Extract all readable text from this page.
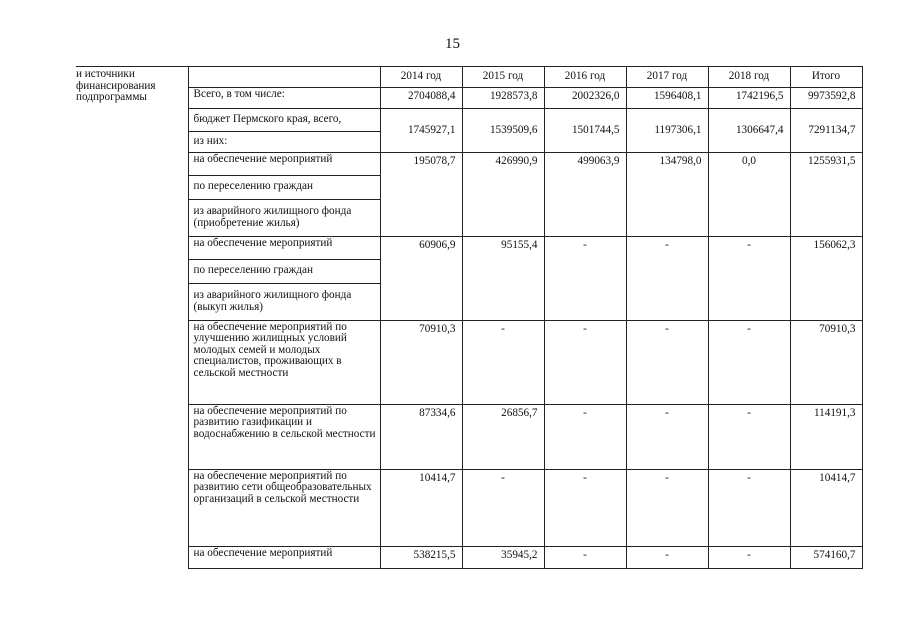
15
и источники финансирования подпрограммы		2014 год	2015 год	2016 год	2017 год	2018 год	Итого
	Всего, в том числе:	2704088,4	1928573,8	2002326,0	1596408,1	1742196,5	9973592,8
	бюджет Пермского края, всего,	1745927,1	1539509,6	1501744,5	1197306,1	1306647,4	7291134,7
	из них:						
	на обеспечение мероприятий	195078,7	426990,9	499063,9	134798,0	0,0	1255931,5
	по переселению граждан						
	из аварийного жилищного фонда (приобретение жилья)						
	на обеспечение мероприятий	60906,9	95155,4	-	-	-	156062,3
	по переселению граждан						
	из аварийного жилищного фонда (выкуп жилья)						
	на обеспечение мероприятий по улучшению жилищных условий молодых семей и молодых специалистов, проживающих в сельской местности	70910,3	-	-	-	-	70910,3
	на обеспечение мероприятий по развитию газификации и водоснабжению в сельской местности	87334,6	26856,7	-	-	-	114191,3
	на обеспечение мероприятий по развитию сети общеобразовательных организаций в сельской местности	10414,7	-	-	-	-	10414,7
	на обеспечение мероприятий	538215,5	35945,2	-	-	-	574160,7
